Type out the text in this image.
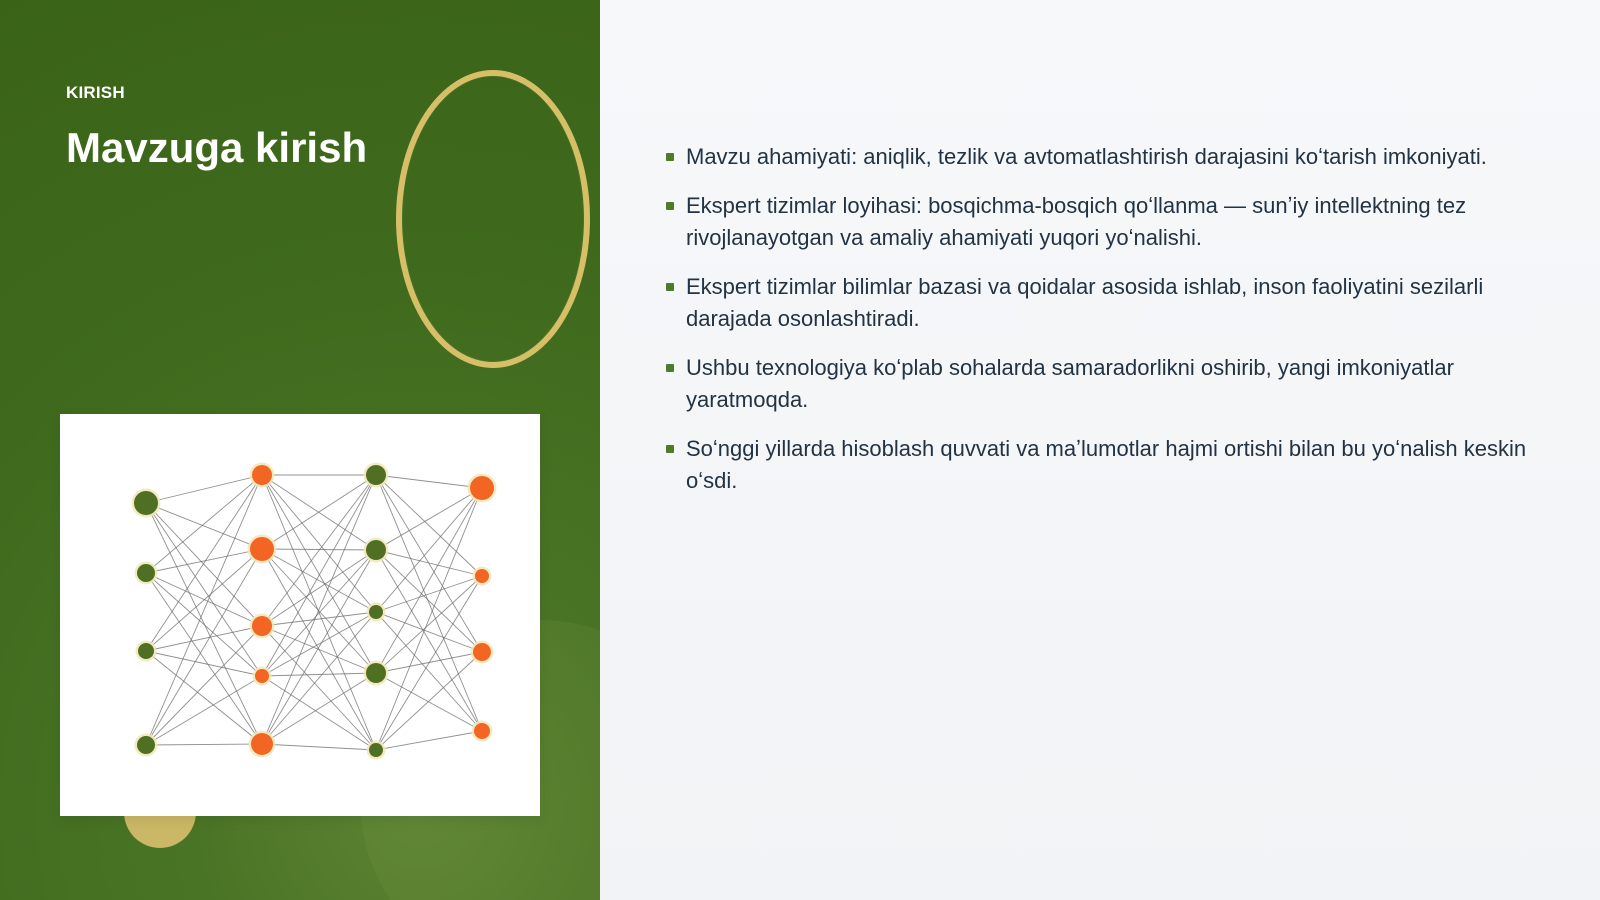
KIRISH
Mavzuga kirish	Mavzu ahamiyati: aniqlik, tezlik va avtomatlashtirish darajasini koʻtarish imkoniyati.
Ekspert tizimlar loyihasi: bosqichma-bosqich qoʻllanma — sunʼiy intellektning tez rivojlanayotgan va amaliy ahamiyati yuqori yoʻnalishi.
Ekspert tizimlar bilimlar bazasi va qoidalar asosida ishlab, inson faoliyatini sezilarli darajada osonlashtiradi.
Ushbu texnologiya koʻplab sohalarda samaradorlikni oshirib, yangi imkoniyatlar yaratmoqda.
Soʻnggi yillarda hisoblash quvvati va maʼlumotlar hajmi ortishi bilan bu yoʻnalish keskin oʻsdi.
